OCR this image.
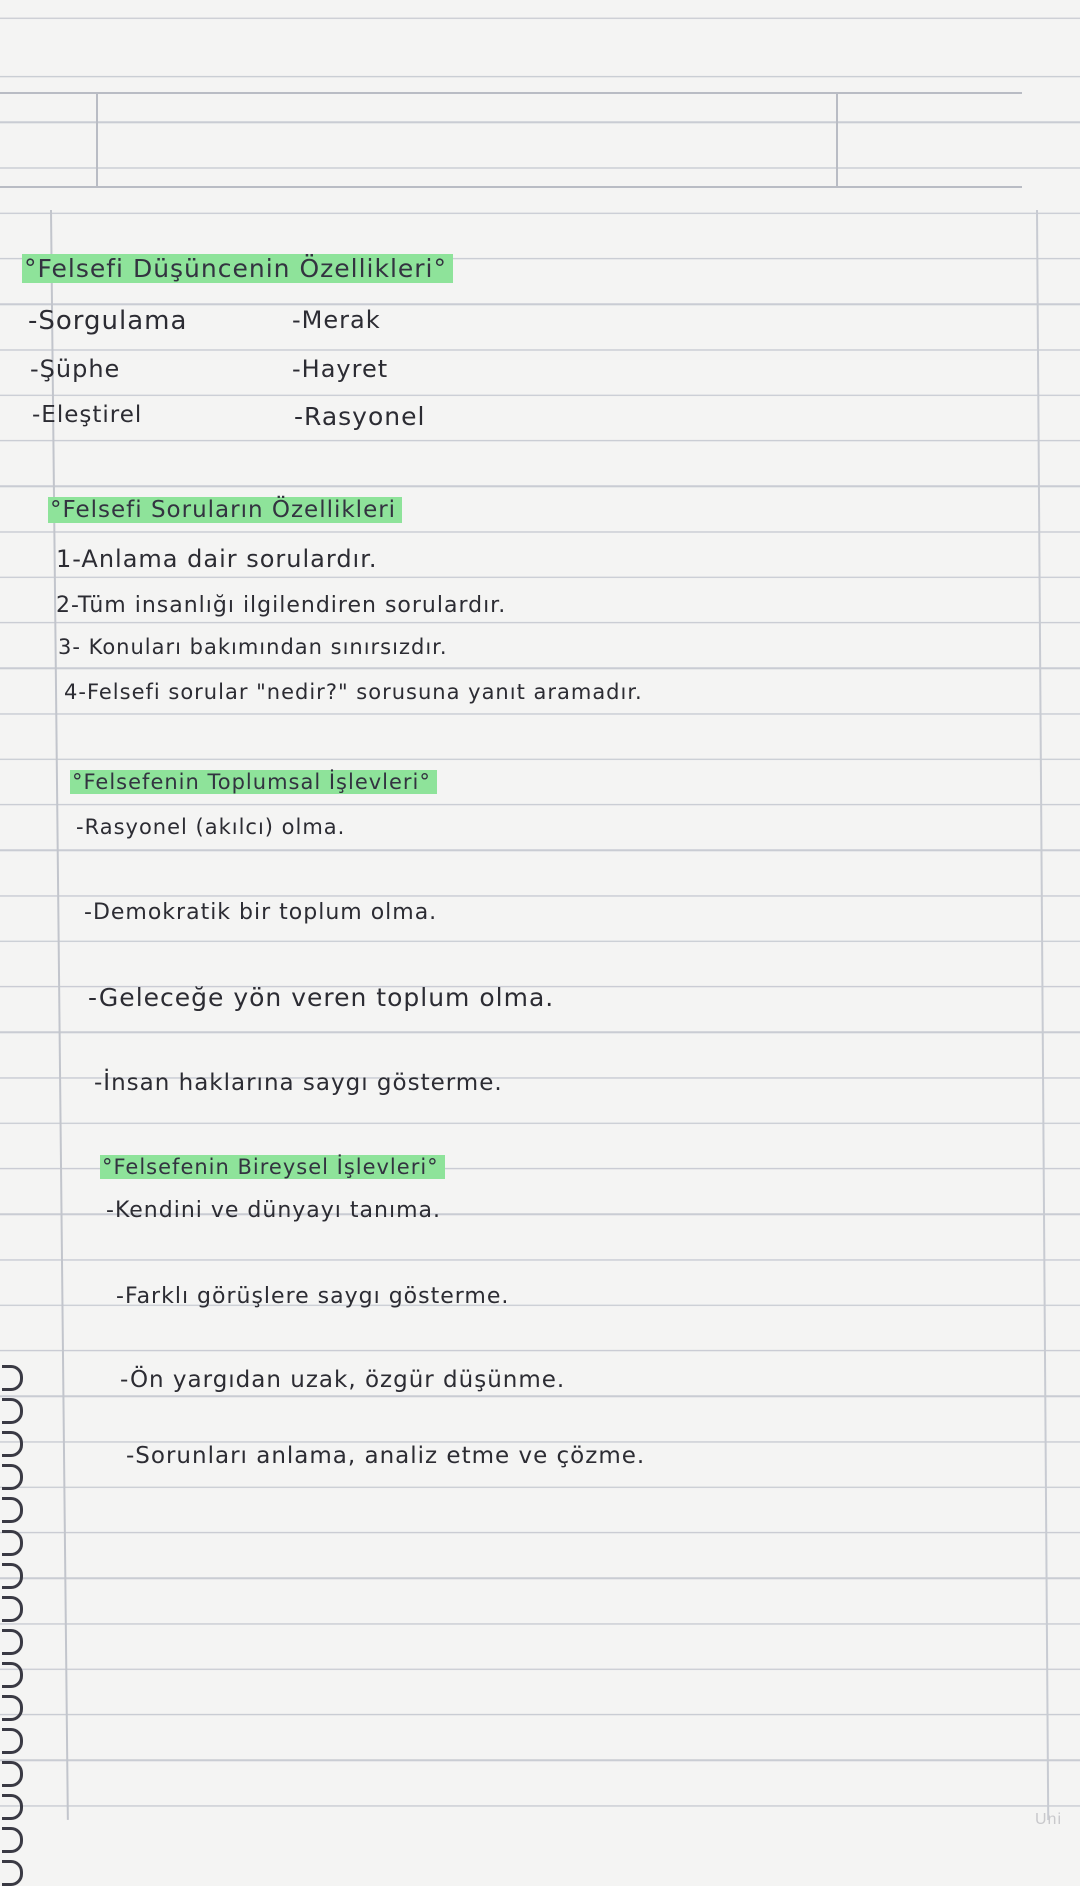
°Felsefi Düşüncenin Özellikleri°
-Sorgulama
-Şüphe
-Eleştirel
-Merak
-Hayret
-Rasyonel
°Felsefi Soruların Özellikleri
1-Anlama dair sorulardır.
2-Tüm insanlığı ilgilendiren sorulardır.
3- Konuları bakımından sınırsızdır.
4-Felsefi sorular "nedir?" sorusuna yanıt aramadır.
°Felsefenin Toplumsal İşlevleri°
-Rasyonel (akılcı) olma.
-Demokratik bir toplum olma.
-Geleceğe yön veren toplum olma.
-İnsan haklarına saygı gösterme.
°Felsefenin Bireysel İşlevleri°
-Kendini ve dünyayı tanıma.
-Farklı görüşlere saygı gösterme.
-Ön yargıdan uzak, özgür düşünme.
-Sorunları anlama, analiz etme ve çözme.
Uni
